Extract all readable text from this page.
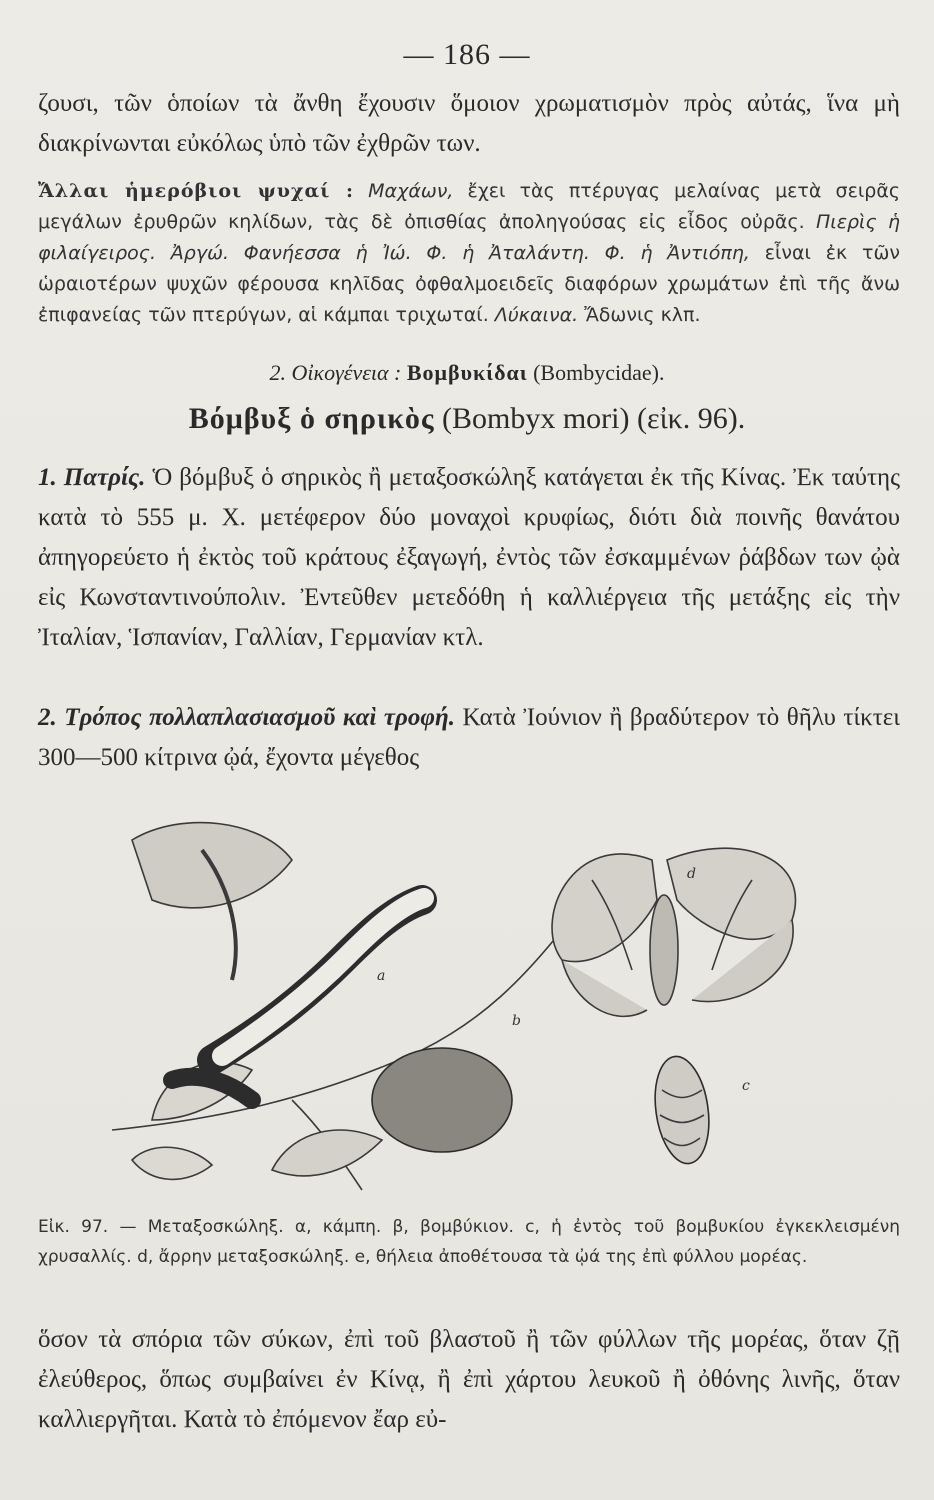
— 186 —

ζουσι, τῶν ὁποίων τὰ ἄνθη ἔχουσιν ὅμοιον χρωματισμὸν πρὸς αὐτάς, ἵνα μὴ διακρίνωνται εὐκόλως ὑπὸ τῶν ἐχθρῶν των.

Ἄλλαι ἡμερόβιοι ψυχαί : Μαχάων, ἔχει τὰς πτέρυγας μελαίνας μετὰ σειρᾶς μεγάλων ἐρυθρῶν κηλίδων, τὰς δὲ ὀπισθίας ἀποληγούσας εἰς εἶδος οὐρᾶς. Πιερὶς ἡ φιλαίγειρος. Ἀργώ. Φανήεσσα ἡ Ἰώ. Φ. ἡ Ἀταλάντη. Φ. ἡ Ἀντιόπη, εἶναι ἐκ τῶν ὡραιοτέρων ψυχῶν φέρουσα κηλῖδας ὀφθαλμοειδεῖς διαφόρων χρωμάτων ἐπὶ τῆς ἄνω ἐπιφανείας τῶν πτερύγων, αἱ κάμπαι τριχωταί. Λύκαινα. Ἄδωνις κλπ.

2. Οἰκογένεια : Βομβυκίδαι (Bombycidae).
Βόμβυξ ὁ σηρικὸς (Bombyx mori) (εἰκ. 96).

1. Πατρίς. Ὁ βόμβυξ ὁ σηρικὸς ἢ μεταξοσκώληξ κατάγεται ἐκ τῆς Κίνας. Ἐκ ταύτης κατὰ τὸ 555 μ. Χ. μετέφερον δύο μοναχοὶ κρυφίως, διότι διὰ ποινῆς θανάτου ἀπηγορεύετο ἡ ἐκτὸς τοῦ κράτους ἐξαγωγή, ἐντὸς τῶν ἐσκαμμένων ῥάβδων των ᾠὰ εἰς Κωνσταντινούπολιν. Ἐντεῦθεν μετεδόθη ἡ καλλιέργεια τῆς μετάξης εἰς τὴν Ἰταλίαν, Ἱσπανίαν, Γαλλίαν, Γερμανίαν κτλ.

2. Τρόπος πολλαπλασιασμοῦ καὶ τροφή. Κατὰ Ἰούνιον ἢ βραδύτερον τὸ θῆλυ τίκτει 300—500 κίτρινα ᾠά, ἔχοντα μέγεθος

d
a
b
c
Εἰκ. 97. — Μεταξοσκώληξ. α, κάμπη. β, βομβύκιον. c, ἡ ἐντὸς τοῦ βομβυκίου ἐγκεκλεισμένη χρυσαλλίς. d, ἄρρην μεταξοσκώληξ. e, θήλεια ἀποθέτουσα τὰ ᾠά της ἐπὶ φύλλου μορέας.

ὅσον τὰ σπόρια τῶν σύκων, ἐπὶ τοῦ βλαστοῦ ἢ τῶν φύλλων τῆς μορέας, ὅταν ζῇ ἐλεύθερος, ὅπως συμβαίνει ἐν Κίνᾳ, ἢ ἐπὶ χάρτου λευκοῦ ἢ ὀθόνης λινῆς, ὅταν καλλιεργῆται. Κατὰ τὸ ἐπόμενον ἔαρ εὐ-
